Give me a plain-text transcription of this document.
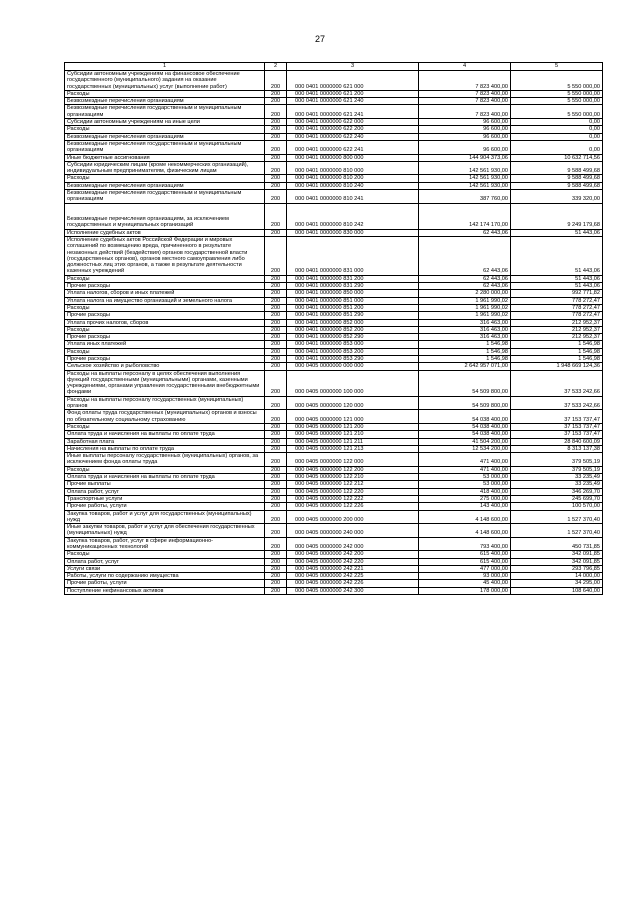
27
1	2	3	4	5
Субсидии автономным учреждениям на финансовое обеспечение государственного (муниципального) задания на оказание государственных (муниципальных) услуг (выполнение работ)	200	000 0401 0000000 621 000	7 823 400,00	5 550 000,00
Расходы	200	000 0401 0000000 621 200	7 823 400,00	5 550 000,00
Безвозмездные перечисления организациям	200	000 0401 0000000 621 240	7 823 400,00	5 550 000,00
Безвозмездные перечисления государственным и муниципальным организациям	200	000 0401 0000000 621 241	7 823 400,00	5 550 000,00
Субсидии автономным учреждениям на иные цели	200	000 0401 0000000 622 000	96 600,00	0,00
Расходы	200	000 0401 0000000 622 200	96 600,00	0,00
Безвозмездные перечисления организациям	200	000 0401 0000000 622 240	96 600,00	0,00
Безвозмездные перечисления государственным и муниципальным организациям	200	000 0401 0000000 622 241	96 600,00	0,00
Иные бюджетные ассигнования	200	000 0401 0000000 800 000	144 904 373,06	10 632 714,56
Субсидии юридическим лицам (кроме некоммерческих организаций), индивидуальным предпринимателям, физическим лицам	200	000 0401 0000000 810 000	142 561 930,00	9 588 499,68
Расходы	200	000 0401 0000000 810 200	142 561 930,00	9 588 499,68
Безвозмездные перечисления организациям	200	000 0401 0000000 810 240	142 561 930,00	9 588 499,68
Безвозмездные перечисления государственным и муниципальным организациям	200	000 0401 0000000 810 241	387 760,00	339 320,00
Безвозмездные перечисления организациям, за исключением государственных и муниципальных организаций	200	000 0401 0000000 810 242	142 174 170,00	9 249 179,68
Исполнение судебных актов	200	000 0401 0000000 830 000	62 443,06	51 443,06
Исполнение судебных актов Российской Федерации и мировых соглашений по возмещению вреда, причиненного в результате незаконных действий (бездействия) органов государственной власти (государственных органов), органов местного самоуправления либо должностных лиц этих органов, а также в результате деятельности казенных учреждений	200	000 0401 0000000 831 000	62 443,06	51 443,06
Расходы	200	000 0401 0000000 831 200	62 443,06	51 443,06
Прочие расходы	200	000 0401 0000000 831 290	62 443,06	51 443,06
Уплата налогов, сборов и иных платежей	200	000 0401 0000000 850 000	2 280 000,00	992 771,82
Уплата налога на имущество организаций и земельного налога	200	000 0401 0000000 851 000	1 961 990,02	778 272,47
Расходы	200	000 0401 0000000 851 200	1 961 990,02	778 272,47
Прочие расходы	200	000 0401 0000000 851 290	1 961 990,02	778 272,47
Уплата прочих налогов, сборов	200	000 0401 0000000 852 000	316 463,00	212 952,37
Расходы	200	000 0401 0000000 852 200	316 463,00	212 952,37
Прочие расходы	200	000 0401 0000000 852 290	316 463,00	212 952,37
Уплата иных платежей	200	000 0401 0000000 853 000	1 546,98	1 546,98
Расходы	200	000 0401 0000000 853 200	1 546,98	1 546,98
Прочие расходы	200	000 0401 0000000 853 290	1 546,98	1 546,98
Сельское хозяйство и рыболовство	200	000 0405 0000000 000 000	2 642 957 071,00	1 948 669 124,36
Расходы на выплаты персоналу в целях обеспечения выполнения функций государственными (муниципальными) органами, казенными учреждениями, органами управления государственными внебюджетными фондами	200	000 0405 0000000 100 000	54 509 800,00	37 533 242,66
Расходы на выплаты персоналу государственных (муниципальных) органов	200	000 0405 0000000 120 000	54 509 800,00	37 533 242,66
Фонд оплаты труда государственных (муниципальных) органов и взносы по обязательному социальному страхованию	200	000 0405 0000000 121 000	54 038 400,00	37 153 737,47
Расходы	200	000 0405 0000000 121 200	54 038 400,00	37 153 737,47
Оплата труда и начисления на выплаты по оплате труда	200	000 0405 0000000 121 210	54 038 400,00	37 153 737,47
Заработная плата	200	000 0405 0000000 121 211	41 504 200,00	28 840 600,09
Начисления на выплаты по оплате труда	200	000 0405 0000000 121 213	12 534 200,00	8 313 137,38
Иные выплаты персоналу государственных (муниципальных) органов, за исключением фонда оплаты труда	200	000 0405 0000000 122 000	471 400,00	379 505,19
Расходы	200	000 0405 0000000 122 200	471 400,00	379 505,19
Оплата труда и начисления на выплаты по оплате труда	200	000 0405 0000000 122 210	53 000,00	33 235,49
Прочие выплаты	200	000 0405 0000000 122 212	53 000,00	33 235,49
Оплата работ, услуг	200	000 0405 0000000 122 220	418 400,00	346 269,70
Транспортные услуги	200	000 0405 0000000 122 222	275 000,00	245 699,70
Прочие работы, услуги	200	000 0405 0000000 122 226	143 400,00	100 570,00
Закупка товаров, работ и услуг для государственных (муниципальных) нужд	200	000 0405 0000000 200 000	4 148 600,00	1 527 370,40
Иные закупки товаров, работ и услуг для обеспечения государственных (муниципальных) нужд	200	000 0405 0000000 240 000	4 148 600,00	1 527 370,40
Закупка товаров, работ, услуг в сфере информационно-коммуникационных технологий	200	000 0405 0000000 242 000	793 400,00	450 731,85
Расходы	200	000 0405 0000000 242 200	615 400,00	342 091,85
Оплата работ, услуг	200	000 0405 0000000 242 220	615 400,00	342 091,85
Услуги связи	200	000 0405 0000000 242 221	477 000,00	293 796,85
Работы, услуги по содержанию имущества	200	000 0405 0000000 242 225	93 000,00	14 000,00
Прочие работы, услуги	200	000 0405 0000000 242 226	45 400,00	34 295,00
Поступление нефинансовых активов	200	000 0405 0000000 242 300	178 000,00	108 640,00
